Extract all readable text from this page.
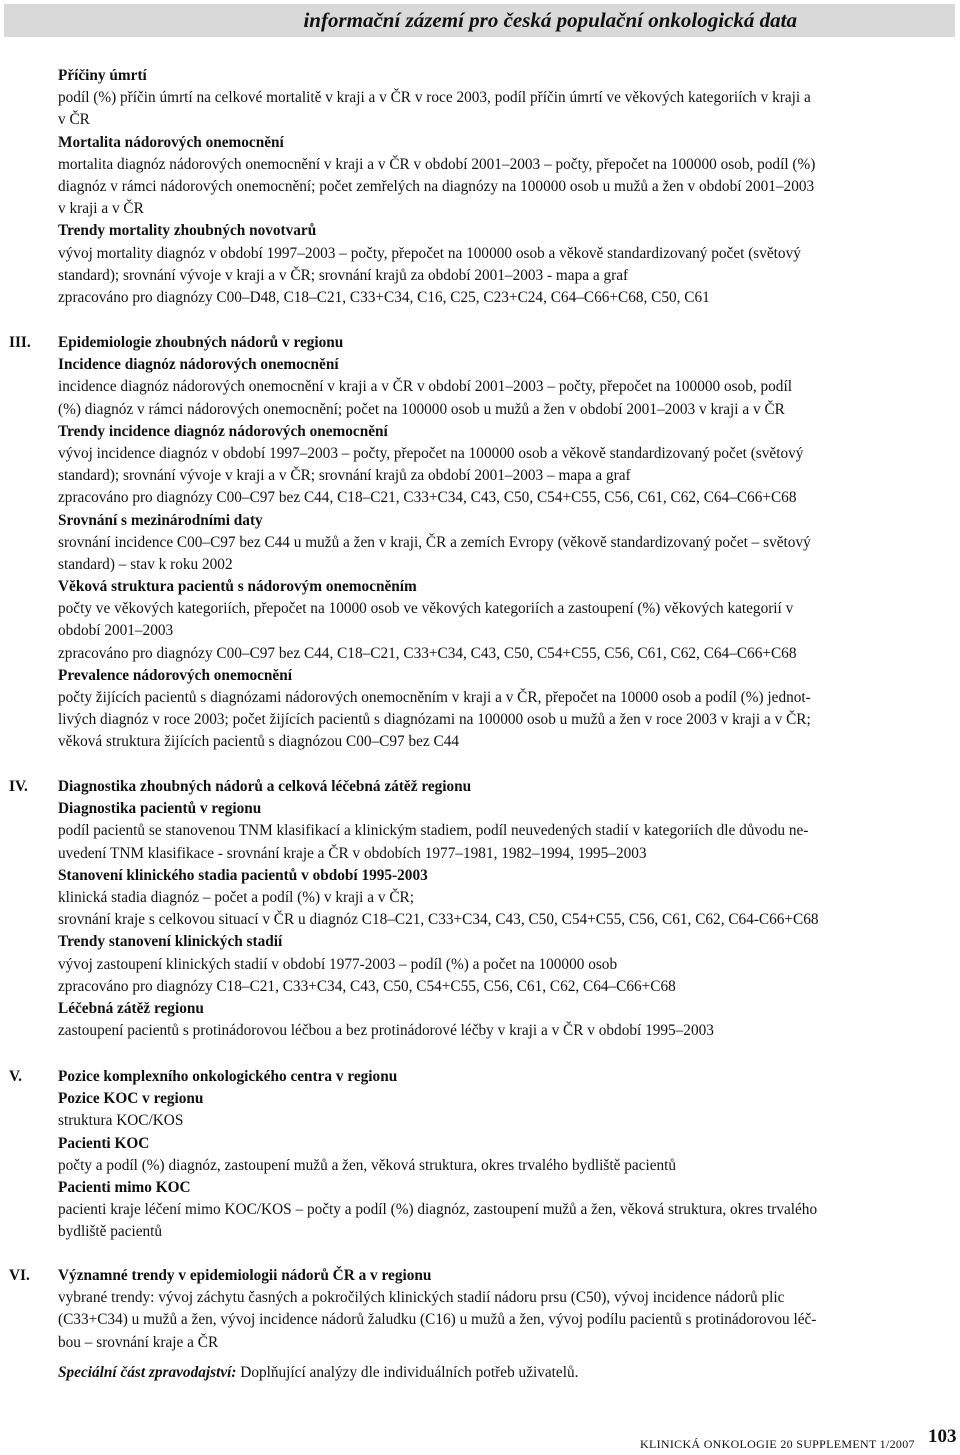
informační zázemí pro česká populační onkologická data
Příčiny úmrtí
podíl (%) příčin úmrtí na celkové mortalitě v kraji a v ČR v roce 2003, podíl příčin úmrtí ve věkových kategoriích v kraji a
v ČR
Mortalita nádorových onemocnění
mortalita diagnóz nádorových onemocnění v kraji a v ČR v období 2001–2003 – počty, přepočet na 100000 osob, podíl (%)
diagnóz v rámci nádorových onemocnění; počet zemřelých na diagnózy na 100000 osob u mužů a žen v období 2001–2003
v kraji a v ČR
Trendy mortality zhoubných novotvarů
vývoj mortality diagnóz v období 1997–2003 – počty, přepočet na 100000 osob a věkově standardizovaný počet (světový
standard); srovnání vývoje v kraji a v ČR; srovnání krajů za období 2001–2003 - mapa a graf
zpracováno pro diagnózy C00–D48, C18–C21, C33+C34, C16, C25, C23+C24, C64–C66+C68, C50, C61
III.	Epidemiologie zhoubných nádorů v regionu
Incidence diagnóz nádorových onemocnění
incidence diagnóz nádorových onemocnění v kraji a v ČR v období 2001–2003 – počty, přepočet na 100000 osob, podíl
(%) diagnóz v rámci nádorových onemocnění; počet na 100000 osob u mužů a žen v období 2001–2003 v kraji a v ČR
Trendy incidence diagnóz nádorových onemocnění
vývoj incidence diagnóz v období 1997–2003 – počty, přepočet na 100000 osob a věkově standardizovaný počet (světový
standard); srovnání vývoje v kraji a v ČR; srovnání krajů za období 2001–2003 – mapa a graf
zpracováno pro diagnózy C00–C97 bez C44, C18–C21, C33+C34, C43, C50, C54+C55, C56, C61, C62, C64–C66+C68
Srovnání s mezinárodními daty
srovnání incidence C00–C97 bez C44 u mužů a žen v kraji, ČR a zemích Evropy (věkově standardizovaný počet – světový
standard) – stav k roku 2002
Věková struktura pacientů s nádorovým onemocněním
počty ve věkových kategoriích, přepočet na 10000 osob ve věkových kategoriích a zastoupení (%) věkových kategorií v
období 2001–2003
zpracováno pro diagnózy C00–C97 bez C44, C18–C21, C33+C34, C43, C50, C54+C55, C56, C61, C62, C64–C66+C68
Prevalence nádorových onemocnění
počty žijících pacientů s diagnózami nádorových onemocněním v kraji a v ČR, přepočet na 10000 osob a podíl (%) jednot-
livých diagnóz v roce 2003; počet žijících pacientů s diagnózami na 100000 osob u mužů a žen v roce 2003 v kraji a v ČR;
věková struktura žijících pacientů s diagnózou C00–C97 bez C44
IV.	Diagnostika zhoubných nádorů a celková léčebná zátěž regionu
Diagnostika pacientů v regionu
podíl pacientů se stanovenou TNM klasifikací a klinickým stadiem, podíl neuvedených stadií v kategoriích dle důvodu ne-
uvedení TNM klasifikace - srovnání kraje a ČR v obdobích 1977–1981, 1982–1994, 1995–2003
Stanovení klinického stadia pacientů v období 1995-2003
klinická stadia diagnóz – počet a podíl (%) v kraji a v ČR;
srovnání kraje s celkovou situací v ČR u diagnóz C18–C21, C33+C34, C43, C50, C54+C55, C56, C61, C62, C64-C66+C68
Trendy stanovení klinických stadií
vývoj zastoupení klinických stadií v období 1977-2003 – podíl (%) a počet na 100000 osob
zpracováno pro diagnózy C18–C21, C33+C34, C43, C50, C54+C55, C56, C61, C62, C64–C66+C68
Léčebná zátěž regionu
zastoupení pacientů s protinádorovou léčbou a bez protinádorové léčby v kraji a v ČR v období 1995–2003
V.	Pozice komplexního onkologického centra v regionu
Pozice KOC v regionu
struktura KOC/KOS
Pacienti KOC
počty a podíl (%) diagnóz, zastoupení mužů a žen, věková struktura, okres trvalého bydliště pacientů
Pacienti mimo KOC
pacienti kraje léčení mimo KOC/KOS – počty a podíl (%) diagnóz, zastoupení mužů a žen, věková struktura, okres trvalého
bydliště pacientů
VI.	Významné trendy v epidemiologii nádorů ČR a v regionu
vybrané trendy: vývoj záchytu časných a pokročilých klinických stadií nádoru prsu (C50), vývoj incidence nádorů plic
(C33+C34) u mužů a žen, vývoj incidence nádorů žaludku (C16) u mužů a žen, vývoj podílu pacientů s protinádorovou léč-
bou – srovnání kraje a ČR
Speciální část zpravodajství: Doplňující analýzy dle individuálních potřeb uživatelů.
KLINICKÁ ONKOLOGIE 20 SUPPLEMENT 1/2007 103
